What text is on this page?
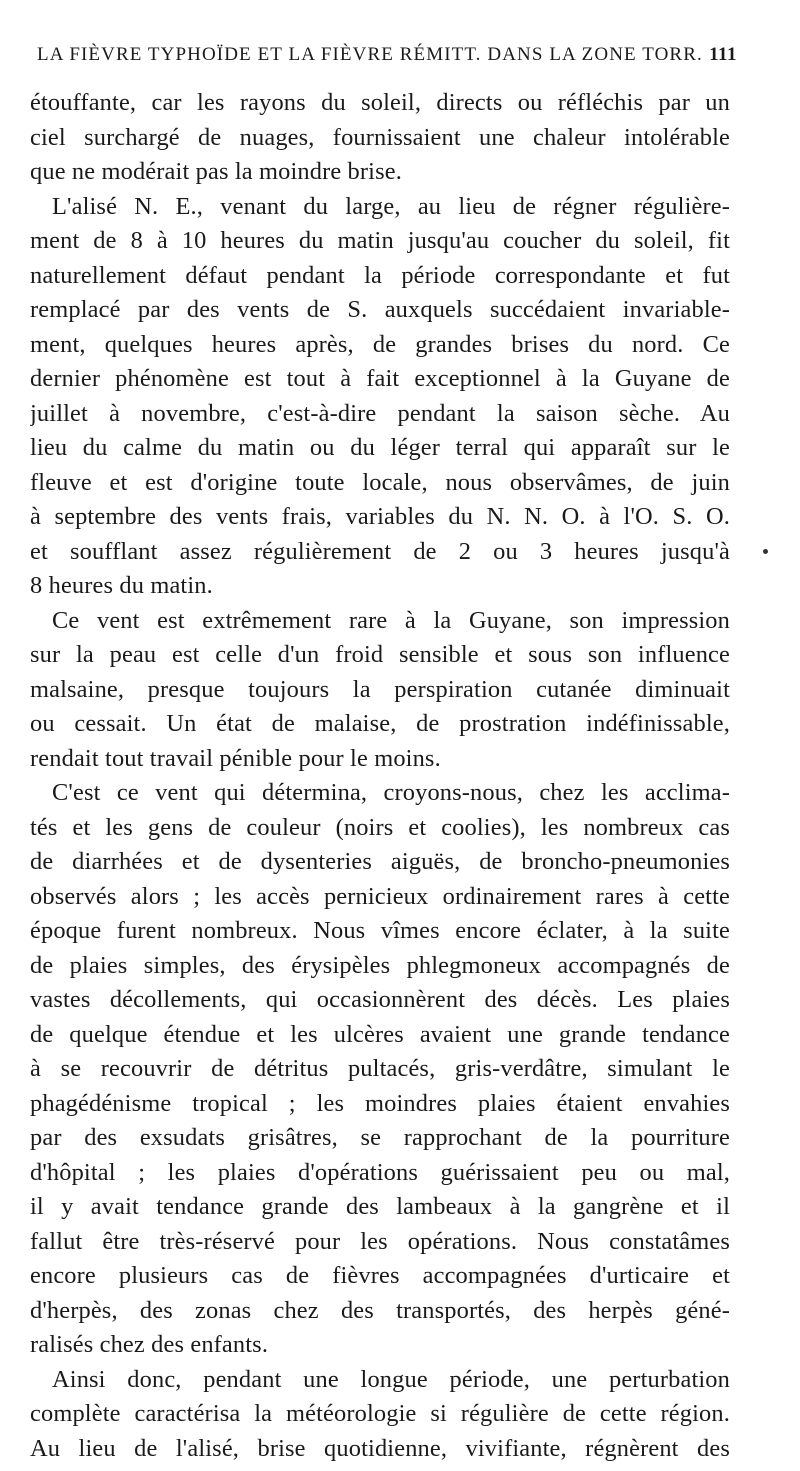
LA FIÈVRE TYPHOÏDE ET LA FIÈVRE RÉMITT. DANS LA ZONE TORR. 111
étouffante, car les rayons du soleil, directs ou réfléchis par un
ciel surchargé de nuages, fournissaient une chaleur intolérable
que ne modérait pas la moindre brise.
L'alisé N. E., venant du large, au lieu de régner régulière-
ment de 8 à 10 heures du matin jusqu'au coucher du soleil, fit
naturellement défaut pendant la période correspondante et fut
remplacé par des vents de S. auxquels succédaient invariable-
ment, quelques heures après, de grandes brises du nord. Ce
dernier phénomène est tout à fait exceptionnel à la Guyane de
juillet à novembre, c'est-à-dire pendant la saison sèche. Au
lieu du calme du matin ou du léger terral qui apparaît sur le
fleuve et est d'origine toute locale, nous observâmes, de juin
à septembre des vents frais, variables du N. N. O. à l'O. S. O.
et soufflant assez régulièrement de 2 ou 3 heures jusqu'à
8 heures du matin.
Ce vent est extrêmement rare à la Guyane, son impression
sur la peau est celle d'un froid sensible et sous son influence
malsaine, presque toujours la perspiration cutanée diminuait
ou cessait. Un état de malaise, de prostration indéfinissable,
rendait tout travail pénible pour le moins.
C'est ce vent qui détermina, croyons-nous, chez les acclima-
tés et les gens de couleur (noirs et coolies), les nombreux cas
de diarrhées et de dysenteries aiguës, de broncho-pneumonies
observés alors ; les accès pernicieux ordinairement rares à cette
époque furent nombreux. Nous vîmes encore éclater, à la suite
de plaies simples, des érysipèles phlegmoneux accompagnés de
vastes décollements, qui occasionnèrent des décès. Les plaies
de quelque étendue et les ulcères avaient une grande tendance
à se recouvrir de détritus pultacés, gris-verdâtre, simulant le
phagédénisme tropical ; les moindres plaies étaient envahies
par des exsudats grisâtres, se rapprochant de la pourriture
d'hôpital ; les plaies d'opérations guérissaient peu ou mal,
il y avait tendance grande des lambeaux à la gangrène et il
fallut être très-réservé pour les opérations. Nous constatâmes
encore plusieurs cas de fièvres accompagnées d'urticaire et
d'herpès, des zonas chez des transportés, des herpès géné-
ralisés chez des enfants.
Ainsi donc, pendant une longue période, une perturbation
complète caractérisa la météorologie si régulière de cette région.
Au lieu de l'alisé, brise quotidienne, vivifiante, régnèrent des
